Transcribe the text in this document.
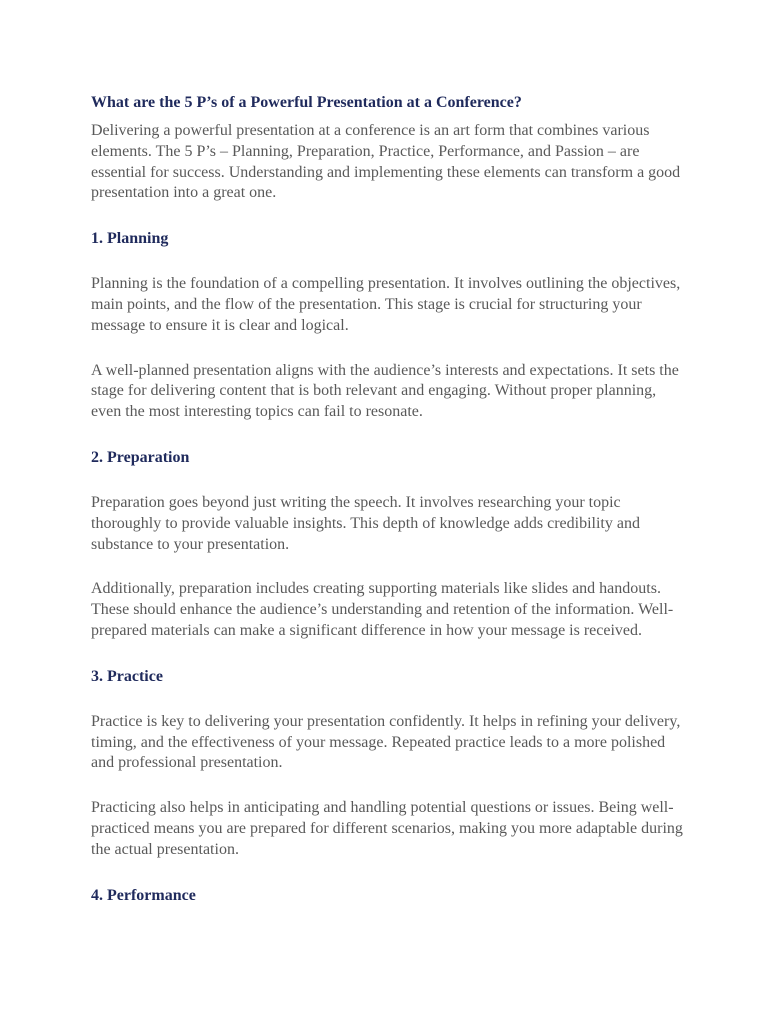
What are the 5 P’s of a Powerful Presentation at a Conference?

Delivering a powerful presentation at a conference is an art form that combines various elements. The 5 P’s – Planning, Preparation, Practice, Performance, and Passion – are essential for success. Understanding and implementing these elements can transform a good presentation into a great one.

1. Planning

Planning is the foundation of a compelling presentation. It involves outlining the objectives, main points, and the flow of the presentation. This stage is crucial for structuring your message to ensure it is clear and logical.

A well-planned presentation aligns with the audience’s interests and expectations. It sets the stage for delivering content that is both relevant and engaging. Without proper planning, even the most interesting topics can fail to resonate.

2. Preparation

Preparation goes beyond just writing the speech. It involves researching your topic thoroughly to provide valuable insights. This depth of knowledge adds credibility and substance to your presentation.

Additionally, preparation includes creating supporting materials like slides and handouts. These should enhance the audience’s understanding and retention of the information. Well-prepared materials can make a significant difference in how your message is received.

3. Practice

Practice is key to delivering your presentation confidently. It helps in refining your delivery, timing, and the effectiveness of your message. Repeated practice leads to a more polished and professional presentation.

Practicing also helps in anticipating and handling potential questions or issues. Being well-practiced means you are prepared for different scenarios, making you more adaptable during the actual presentation.

4. Performance
